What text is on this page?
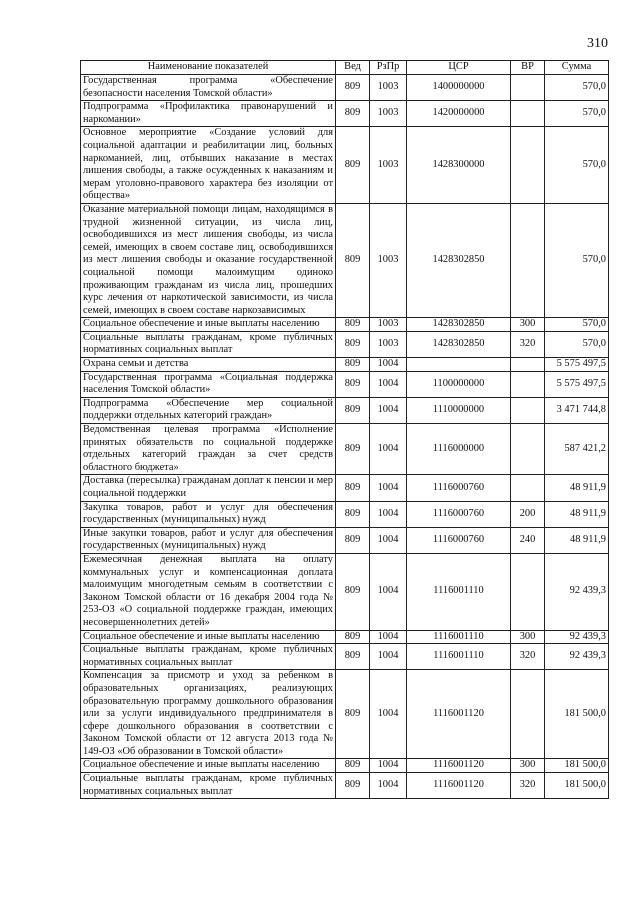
310
Наименование показателей	Вед	РзПр	ЦСР	ВР	Сумма
Государственная программа «Обеспечение безопасности населения Томской области»	809	1003	1400000000		570,0
Подпрограмма «Профилактика правонарушений и наркомании»	809	1003	1420000000		570,0
Основное мероприятие «Создание условий для социальной адаптации и реабилитации лиц, больных наркоманией, лиц, отбывших наказание в местах лишения свободы, а также осужденных к наказаниям и мерам уголовно-правового характера без изоляции от общества»	809	1003	1428300000		570,0
Оказание материальной помощи лицам, находящимся в трудной жизненной ситуации, из числа лиц, освободившихся из мест лишения свободы, из числа семей, имеющих в своем составе лиц, освободившихся из мест лишения свободы и оказание государственной социальной помощи малоимущим одиноко проживающим гражданам из числа лиц, прошедших курс лечения от наркотической зависимости, из числа семей, имеющих в своем составе наркозависимых	809	1003	1428302850		570,0
Социальное обеспечение и иные выплаты населению	809	1003	1428302850	300	570,0
Социальные выплаты гражданам, кроме публичных нормативных социальных выплат	809	1003	1428302850	320	570,0
Охрана семьи и детства	809	1004			5 575 497,5
Государственная программа «Социальная поддержка населения Томской области»	809	1004	1100000000		5 575 497,5
Подпрограмма «Обеспечение мер социальной поддержки отдельных категорий граждан»	809	1004	1110000000		3 471 744,8
Ведомственная целевая программа «Исполнение принятых обязательств по социальной поддержке отдельных категорий граждан за счет средств областного бюджета»	809	1004	1116000000		587 421,2
Доставка (пересылка) гражданам доплат к пенсии и мер социальной поддержки	809	1004	1116000760		48 911,9
Закупка товаров, работ и услуг для обеспечения государственных (муниципальных) нужд	809	1004	1116000760	200	48 911,9
Иные закупки товаров, работ и услуг для обеспечения государственных (муниципальных) нужд	809	1004	1116000760	240	48 911,9
Ежемесячная денежная выплата на оплату коммунальных услуг и компенсационная доплата малоимущим многодетным семьям в соответствии с Законом Томской области от 16 декабря 2004 года № 253-ОЗ «О социальной поддержке граждан, имеющих несовершеннолетних детей»	809	1004	1116001110		92 439,3
Социальное обеспечение и иные выплаты населению	809	1004	1116001110	300	92 439,3
Социальные выплаты гражданам, кроме публичных нормативных социальных выплат	809	1004	1116001110	320	92 439,3
Компенсация за присмотр и уход за ребенком в образовательных организациях, реализующих образовательную программу дошкольного образования или за услуги индивидуального предпринимателя в сфере дошкольного образования в соответствии с Законом Томской области от 12 августа 2013 года № 149-ОЗ «Об образовании в Томской области»	809	1004	1116001120		181 500,0
Социальное обеспечение и иные выплаты населению	809	1004	1116001120	300	181 500,0
Социальные выплаты гражданам, кроме публичных нормативных социальных выплат	809	1004	1116001120	320	181 500,0
